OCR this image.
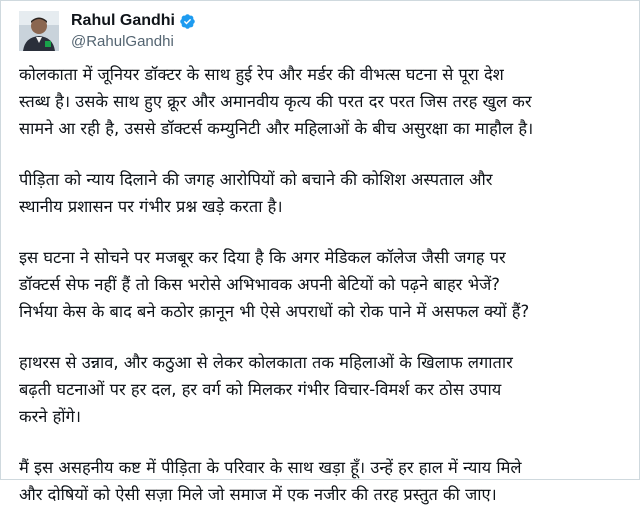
Rahul Gandhi
@RahulGandhi

कोलकाता में जूनियर डॉक्टर के साथ हुई रेप और मर्डर की वीभत्स घटना से पूरा देश
स्तब्ध है। उसके साथ हुए क्रूर और अमानवीय कृत्य की परत दर परत जिस तरह खुल कर
सामने आ रही है, उससे डॉक्टर्स कम्युनिटी और महिलाओं के बीच असुरक्षा का माहौल है।

पीड़िता को न्याय दिलाने की जगह आरोपियों को बचाने की कोशिश अस्पताल और
स्थानीय प्रशासन पर गंभीर प्रश्न खड़े करता है।

इस घटना ने सोचने पर मजबूर कर दिया है कि अगर मेडिकल कॉलेज जैसी जगह पर
डॉक्टर्स सेफ नहीं हैं तो किस भरोसे अभिभावक अपनी बेटियों को पढ़ने बाहर भेजें?
निर्भया केस के बाद बने कठोर क़ानून भी ऐसे अपराधों को रोक पाने में असफल क्यों हैं?

हाथरस से उन्नाव, और कठुआ से लेकर कोलकाता तक महिलाओं के खिलाफ लगातार
बढ़ती घटनाओं पर हर दल, हर वर्ग को मिलकर गंभीर विचार-विमर्श कर ठोस उपाय
करने होंगे।

मैं इस असहनीय कष्ट में पीड़िता के परिवार के साथ खड़ा हूँ। उन्हें हर हाल में न्याय मिले
और दोषियों को ऐसी सज़ा मिले जो समाज में एक नजीर की तरह प्रस्तुत की जाए।
